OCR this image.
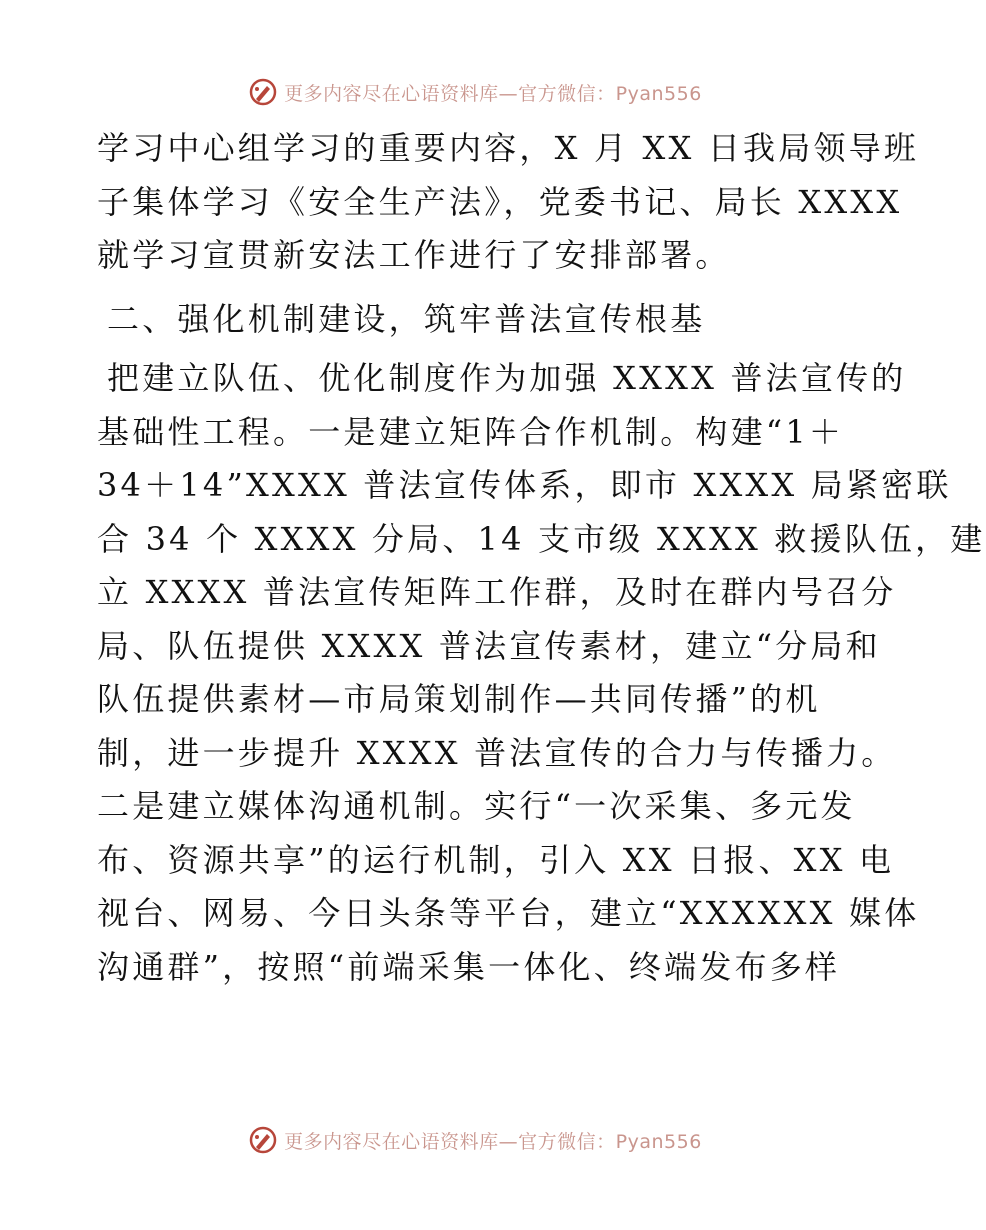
更多内容尽在心语资料库—官方微信：Pyan556
学习中心组学习的重要内容，X 月 XX 日我局领导班
子集体学习《安全生产法》，党委书记、局长 XXXX
就学习宣贯新安法工作进行了安排部署。
二、强化机制建设，筑牢普法宣传根基
把建立队伍、优化制度作为加强 XXXX 普法宣传的
基础性工程。一是建立矩阵合作机制。构建“1＋
34＋14”XXXX 普法宣传体系，即市 XXXX 局紧密联
合 34 个 XXXX 分局、14 支市级 XXXX 救援队伍，建
立 XXXX 普法宣传矩阵工作群，及时在群内号召分
局、队伍提供 XXXX 普法宣传素材，建立“分局和
队伍提供素材—市局策划制作—共同传播”的机
制，进一步提升 XXXX 普法宣传的合力与传播力。
二是建立媒体沟通机制。实行“一次采集、多元发
布、资源共享”的运行机制，引入 XX 日报、XX 电
视台、网易、今日头条等平台，建立“XXXXXX 媒体
沟通群”，按照“前端采集一体化、终端发布多样
更多内容尽在心语资料库—官方微信：Pyan556
